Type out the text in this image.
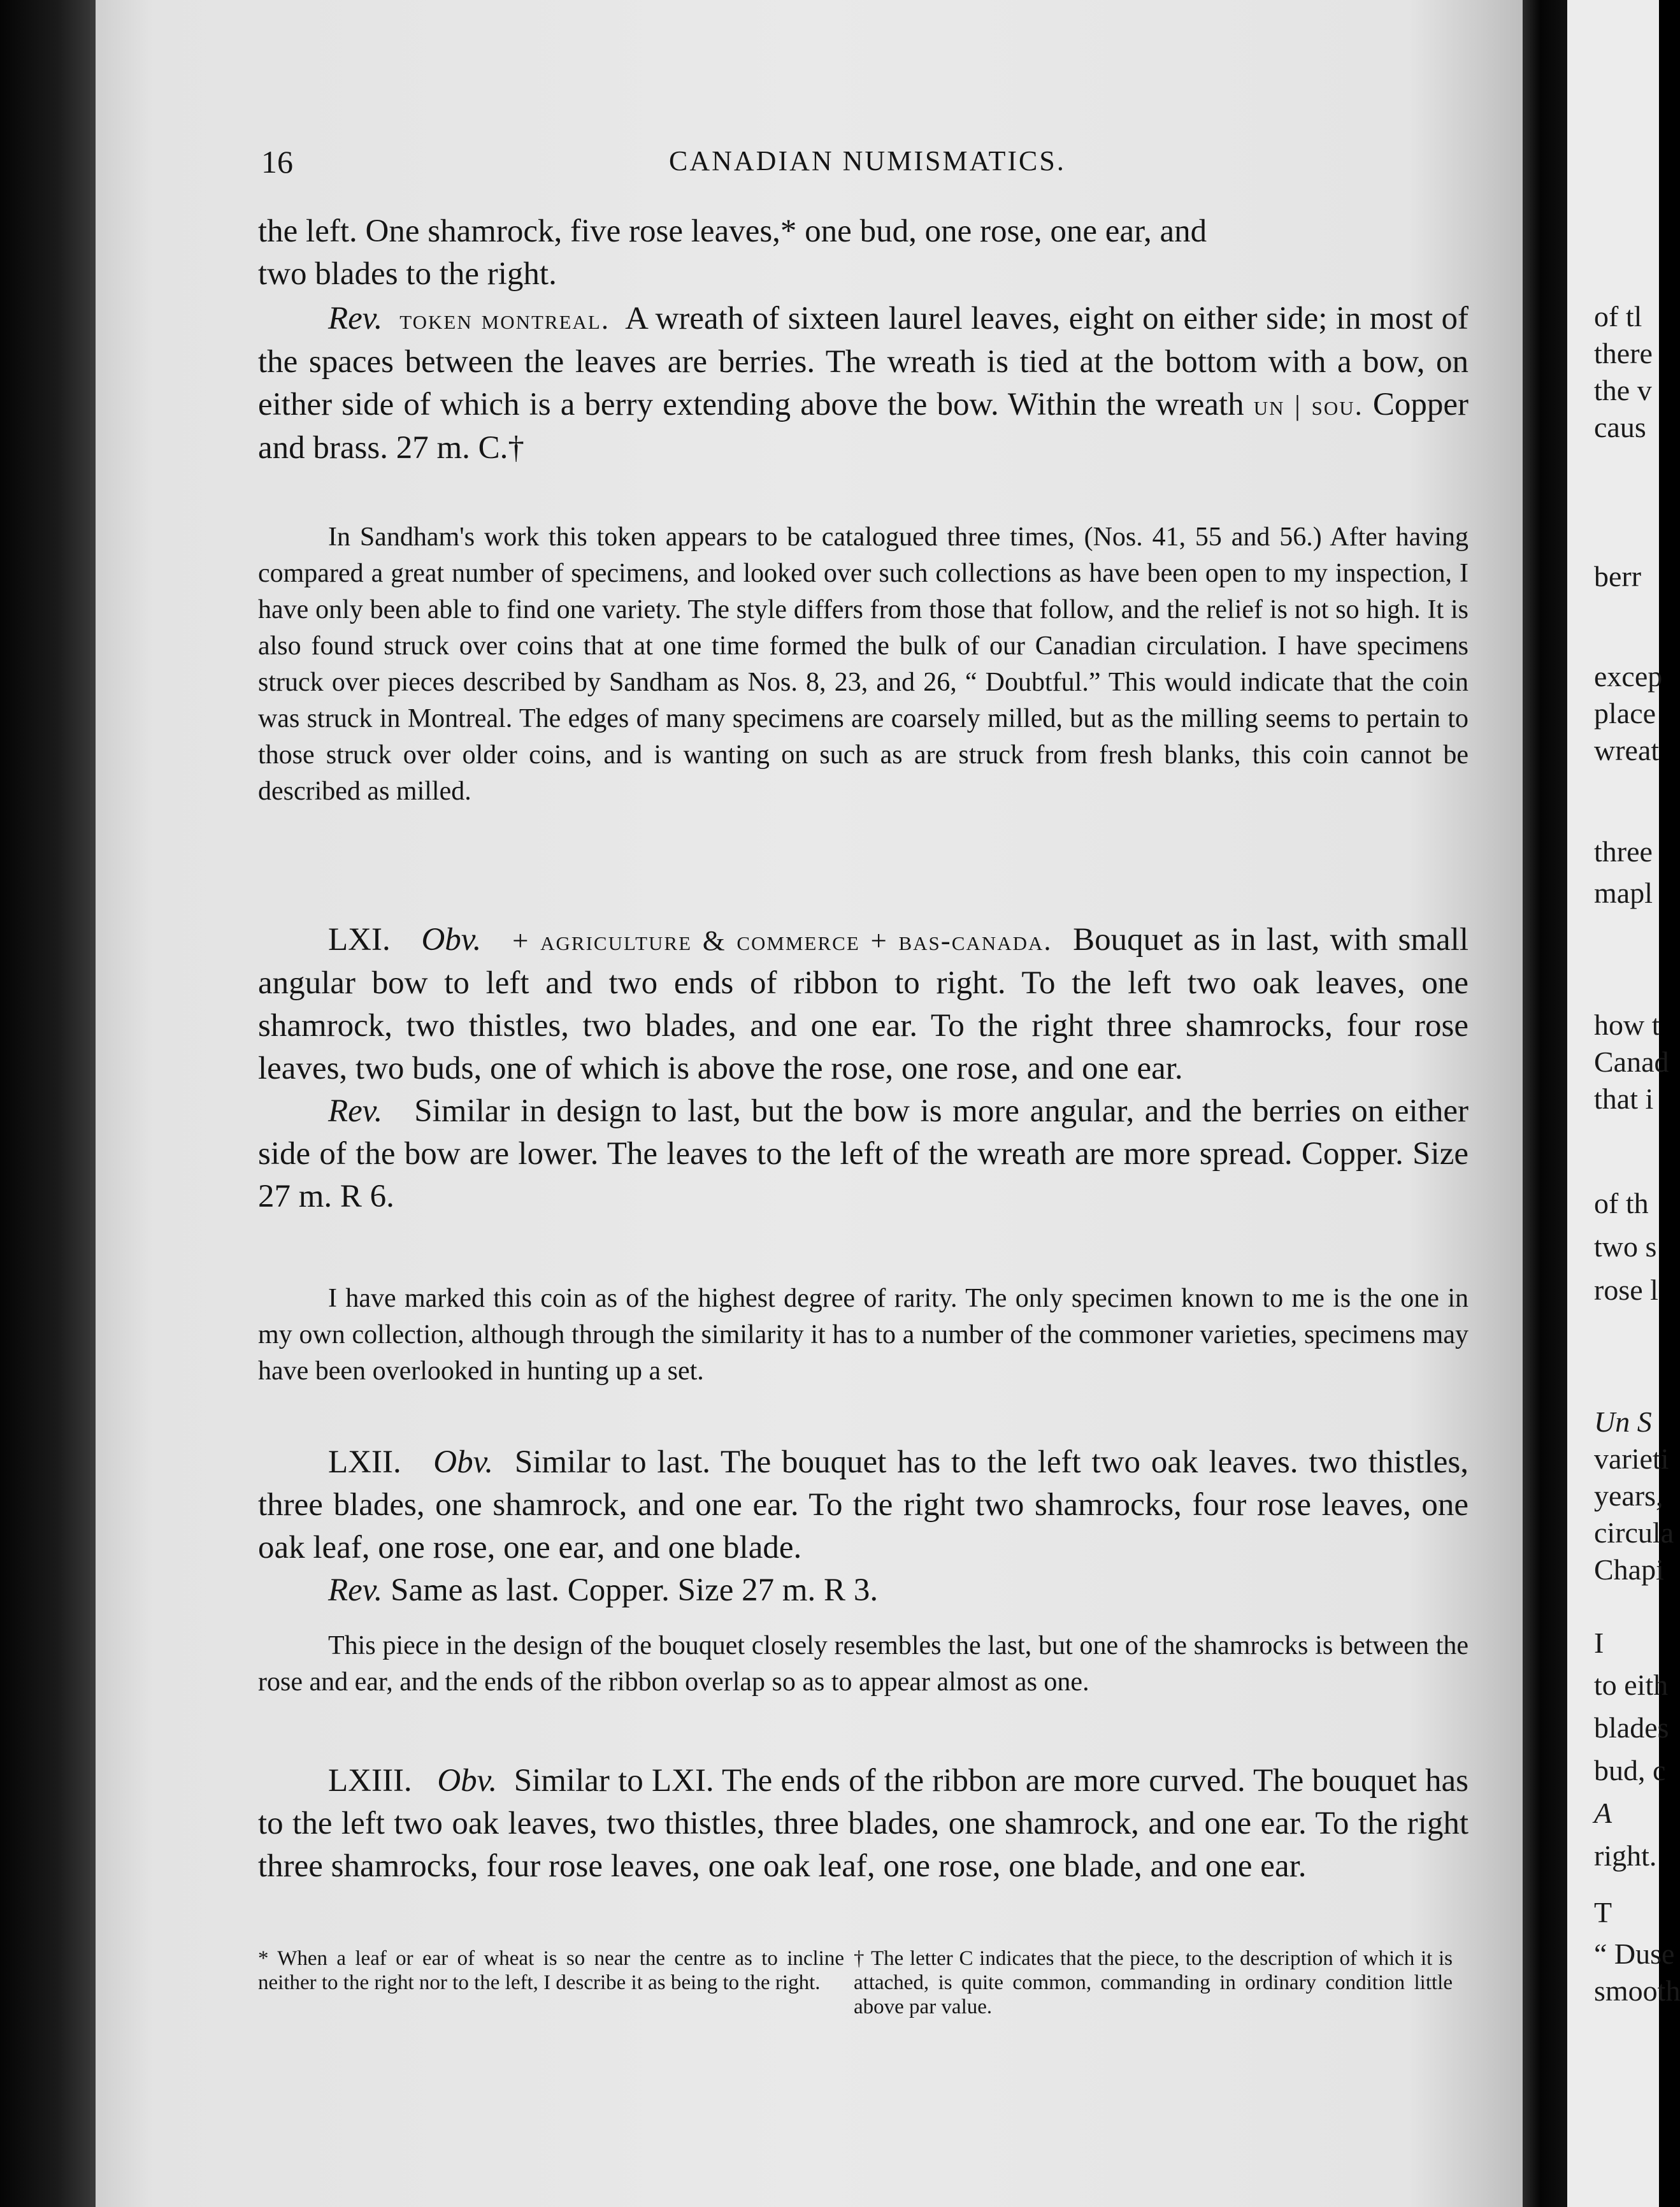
16	CANADIAN NUMISMATICS.

the left. One shamrock, five rose leaves,* one bud, one rose, one ear, and
two blades to the right.

Rev. token montreal. A wreath of sixteen laurel leaves, eight on either side; in most of the spaces between the leaves are berries. The wreath is tied at the bottom with a bow, on either side of which is a berry extending above the bow. Within the wreath un | sou. Copper and brass. 27 m. C.†

In Sandham's work this token appears to be catalogued three times, (Nos. 41, 55 and 56.) After having compared a great number of specimens, and looked over such collections as have been open to my inspection, I have only been able to find one variety. The style differs from those that follow, and the relief is not so high. It is also found struck over coins that at one time formed the bulk of our Canadian circulation. I have specimens struck over pieces described by Sandham as Nos. 8, 23, and 26, “ Doubtful.” This would indicate that the coin was struck in Montreal. The edges of many specimens are coarsely milled, but as the milling seems to pertain to those struck over older coins, and is wanting on such as are struck from fresh blanks, this coin cannot be described as milled.

LXI. Obv. + agriculture & commerce + bas-canada. Bouquet as in last, with small angular bow to left and two ends of ribbon to right. To the left two oak leaves, one shamrock, two thistles, two blades, and one ear. To the right three shamrocks, four rose leaves, two buds, one of which is above the rose, one rose, and one ear.

Rev. Similar in design to last, but the bow is more angular, and the berries on either side of the bow are lower. The leaves to the left of the wreath are more spread. Copper. Size 27 m. R 6.

I have marked this coin as of the highest degree of rarity. The only specimen known to me is the one in my own collection, although through the similarity it has to a number of the commoner varieties, specimens may have been overlooked in hunting up a set.

LXII. Obv. Similar to last. The bouquet has to the left two oak leaves. two thistles, three blades, one shamrock, and one ear. To the right two shamrocks, four rose leaves, one oak leaf, one rose, one ear, and one blade.

Rev. Same as last. Copper. Size 27 m. R 3.

This piece in the design of the bouquet closely resembles the last, but one of the shamrocks is between the rose and ear, and the ends of the ribbon overlap so as to appear almost as one.

LXIII. Obv. Similar to LXI. The ends of the ribbon are more curved. The bouquet has to the left two oak leaves, two thistles, three blades, one shamrock, and one ear. To the right three shamrocks, four rose leaves, one oak leaf, one rose, one blade, and one ear.

* When a leaf or ear of wheat is so near the centre as to incline neither to the right nor to the left, I describe it as being to the right.
† The letter C indicates that the piece, to the description of which it is attached, is quite common, commanding in ordinary condition little above par value.
of tl
there
the v
caus
berr
excep
place
wreat
three
mapl
how t
Canad
that i
of th
two s
rose l
Un S
varieti
years,
circula
Chapi
I
to eith
blades
bud, c
A
right.
T
“ Duse
smooth
